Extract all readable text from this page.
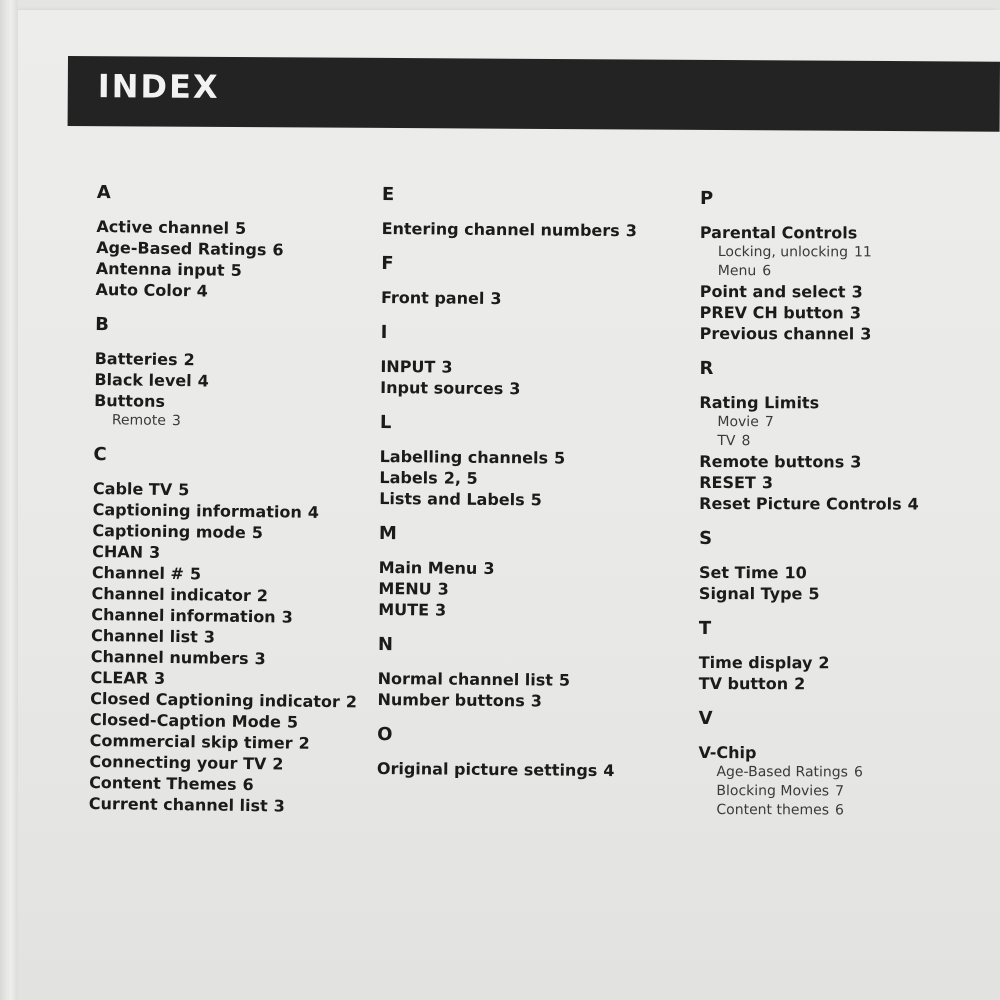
INDEX
A
Active channel 5
Age-Based Ratings 6
Antenna input 5
Auto Color 4
B
Batteries 2
Black level 4
Buttons
Remote 3
C
Cable TV 5
Captioning information 4
Captioning mode 5
CHAN 3
Channel # 5
Channel indicator 2
Channel information 3
Channel list 3
Channel numbers 3
CLEAR 3
Closed Captioning indicator 2
Closed-Caption Mode 5
Commercial skip timer 2
Connecting your TV 2
Content Themes 6
Current channel list 3
E
Entering channel numbers 3
F
Front panel 3
I
INPUT 3
Input sources 3
L
Labelling channels 5
Labels 2, 5
Lists and Labels 5
M
Main Menu 3
MENU 3
MUTE 3
N
Normal channel list 5
Number buttons 3
O
Original picture settings 4
P
Parental Controls
Locking, unlocking 11
Menu 6
Point and select 3
PREV CH button 3
Previous channel 3
R
Rating Limits
Movie 7
TV 8
Remote buttons 3
RESET 3
Reset Picture Controls 4
S
Set Time 10
Signal Type 5
T
Time display 2
TV button 2
V
V-Chip
Age-Based Ratings 6
Blocking Movies 7
Content themes 6
